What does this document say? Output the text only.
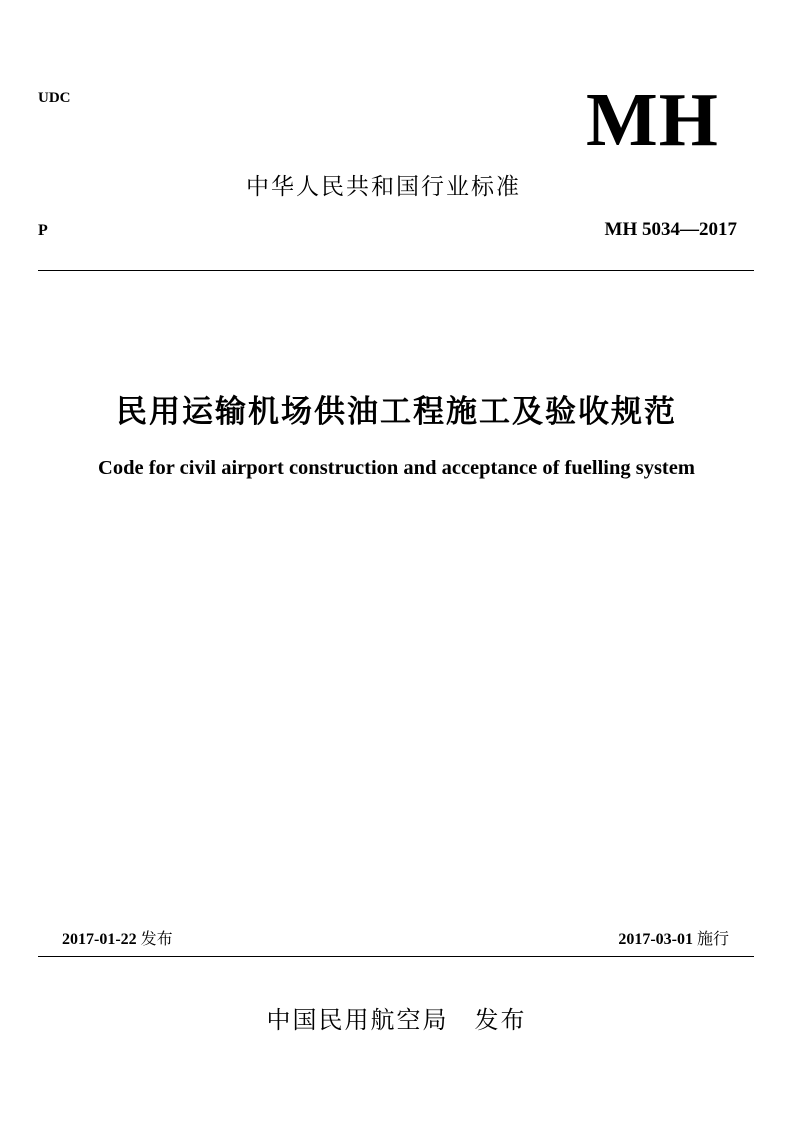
UDC	MH
中华人民共和国行业标准
P	MH 5034—2017
民用运输机场供油工程施工及验收规范
Code for civil airport construction and acceptance of fuelling system
2017-01-22 发布	2017-03-01 施行
中国民用航空局 发布
